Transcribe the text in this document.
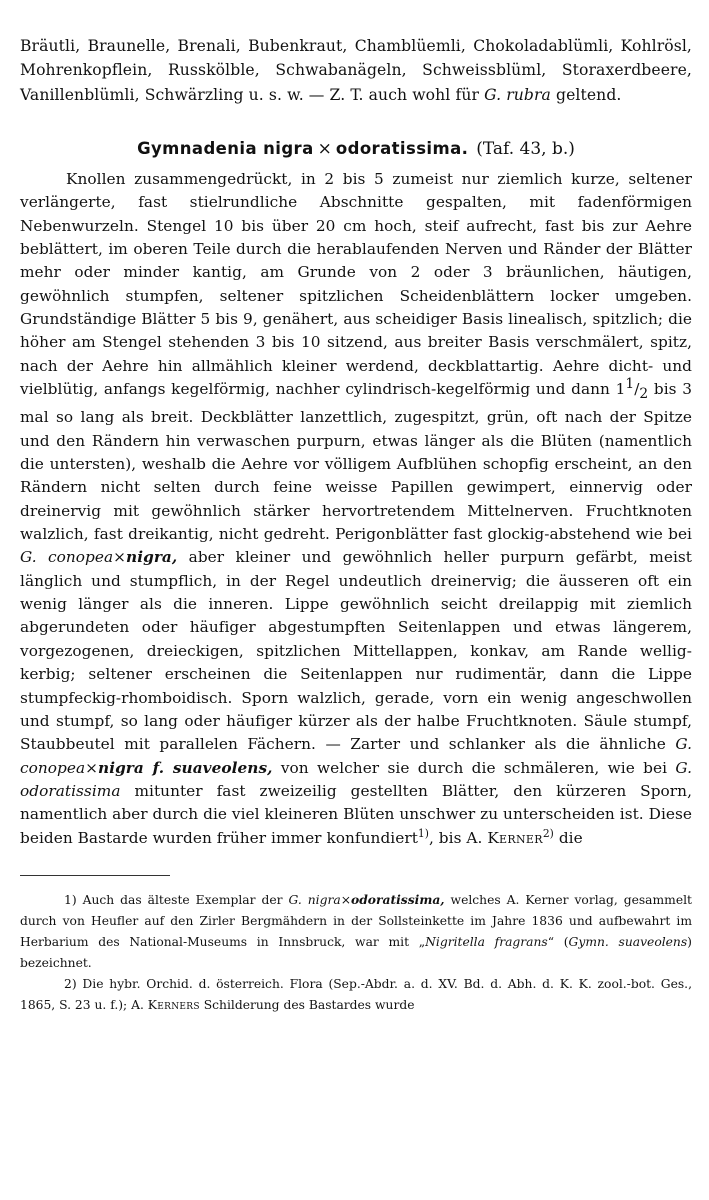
Bräutli, Braunelle, Brenali, Bubenkraut, Chamblüemli, Chokoladablümli, Kohlrösl, Mohrenkopflein, Russkölble, Schwabanägeln, Schweissblüml, Storaxerdbeere, Vanillenblümli, Schwärzling u. s. w. — Z. T. auch wohl für G. rubra geltend.

Gymnadenia nigra × odoratissima. (Taf. 43, b.)

Knollen zusammengedrückt, in 2 bis 5 zumeist nur ziemlich kurze, seltener verlängerte, fast stielrundliche Abschnitte gespalten, mit fadenförmigen Nebenwurzeln. Stengel 10 bis über 20 cm hoch, steif aufrecht, fast bis zur Aehre beblättert, im oberen Teile durch die herablaufenden Nerven und Ränder der Blätter mehr oder minder kantig, am Grunde von 2 oder 3 bräunlichen, häutigen, gewöhnlich stumpfen, seltener spitzlichen Scheidenblättern locker umgeben. Grundständige Blätter 5 bis 9, genähert, aus scheidiger Basis linealisch, spitzlich; die höher am Stengel stehenden 3 bis 10 sitzend, aus breiter Basis verschmälert, spitz, nach der Aehre hin allmählich kleiner werdend, deckblattartig. Aehre dicht- und vielblütig, anfangs kegelförmig, nachher cylindrisch-kegelförmig und dann $1^1/_2$ bis 3 mal so lang als breit. Deckblätter lanzettlich, zugespitzt, grün, oft nach der Spitze und den Rändern hin verwaschen purpurn, etwas länger als die Blüten (namentlich die untersten), weshalb die Aehre vor völligem Aufblühen schopfig erscheint, an den Rändern nicht selten durch feine weisse Papillen gewimpert, einnervig oder dreinervig mit gewöhnlich stärker hervortretendem Mittelnerven. Fruchtknoten walzlich, fast dreikantig, nicht gedreht. Perigonblätter fast glockig-abstehend wie bei G. conopea×nigra, aber kleiner und gewöhnlich heller purpurn gefärbt, meist länglich und stumpflich, in der Regel undeutlich dreinervig; die äusseren oft ein wenig länger als die inneren. Lippe gewöhnlich seicht dreilappig mit ziemlich abgerundeten oder häufiger abgestumpften Seitenlappen und etwas längerem, vorgezogenen, dreieckigen, spitzlichen Mittellappen, konkav, am Rande wellig-kerbig; seltener erscheinen die Seitenlappen nur rudimentär, dann die Lippe stumpfeckig-rhomboidisch. Sporn walzlich, gerade, vorn ein wenig angeschwollen und stumpf, so lang oder häufiger kürzer als der halbe Fruchtknoten. Säule stumpf, Staubbeutel mit parallelen Fächern. — Zarter und schlanker als die ähnliche G. conopea×nigra f. suaveolens, von welcher sie durch die schmäleren, wie bei G. odoratissima mitunter fast zweizeilig gestellten Blätter, den kürzeren Sporn, namentlich aber durch die viel kleineren Blüten unschwer zu unterscheiden ist. Diese beiden Bastarde wurden früher immer konfundiert$^{1)}$, bis A. Kerner$^{2)}$ die

1) Auch das älteste Exemplar der G. nigra×odoratissima, welches A. Kerner vorlag, gesammelt durch von Heufler auf den Zirler Bergmähdern in der Sollsteinkette im Jahre 1836 und aufbewahrt im Herbarium des National-Museums in Innsbruck, war mit „Nigritella fragrans“ (Gymn. suaveolens) bezeichnet.

2) Die hybr. Orchid. d. österreich. Flora (Sep.-Abdr. a. d. XV. Bd. d. Abh. d. K. K. zool.-bot. Ges., 1865, S. 23 u. f.); A. Kerners Schilderung des Bastardes wurde
